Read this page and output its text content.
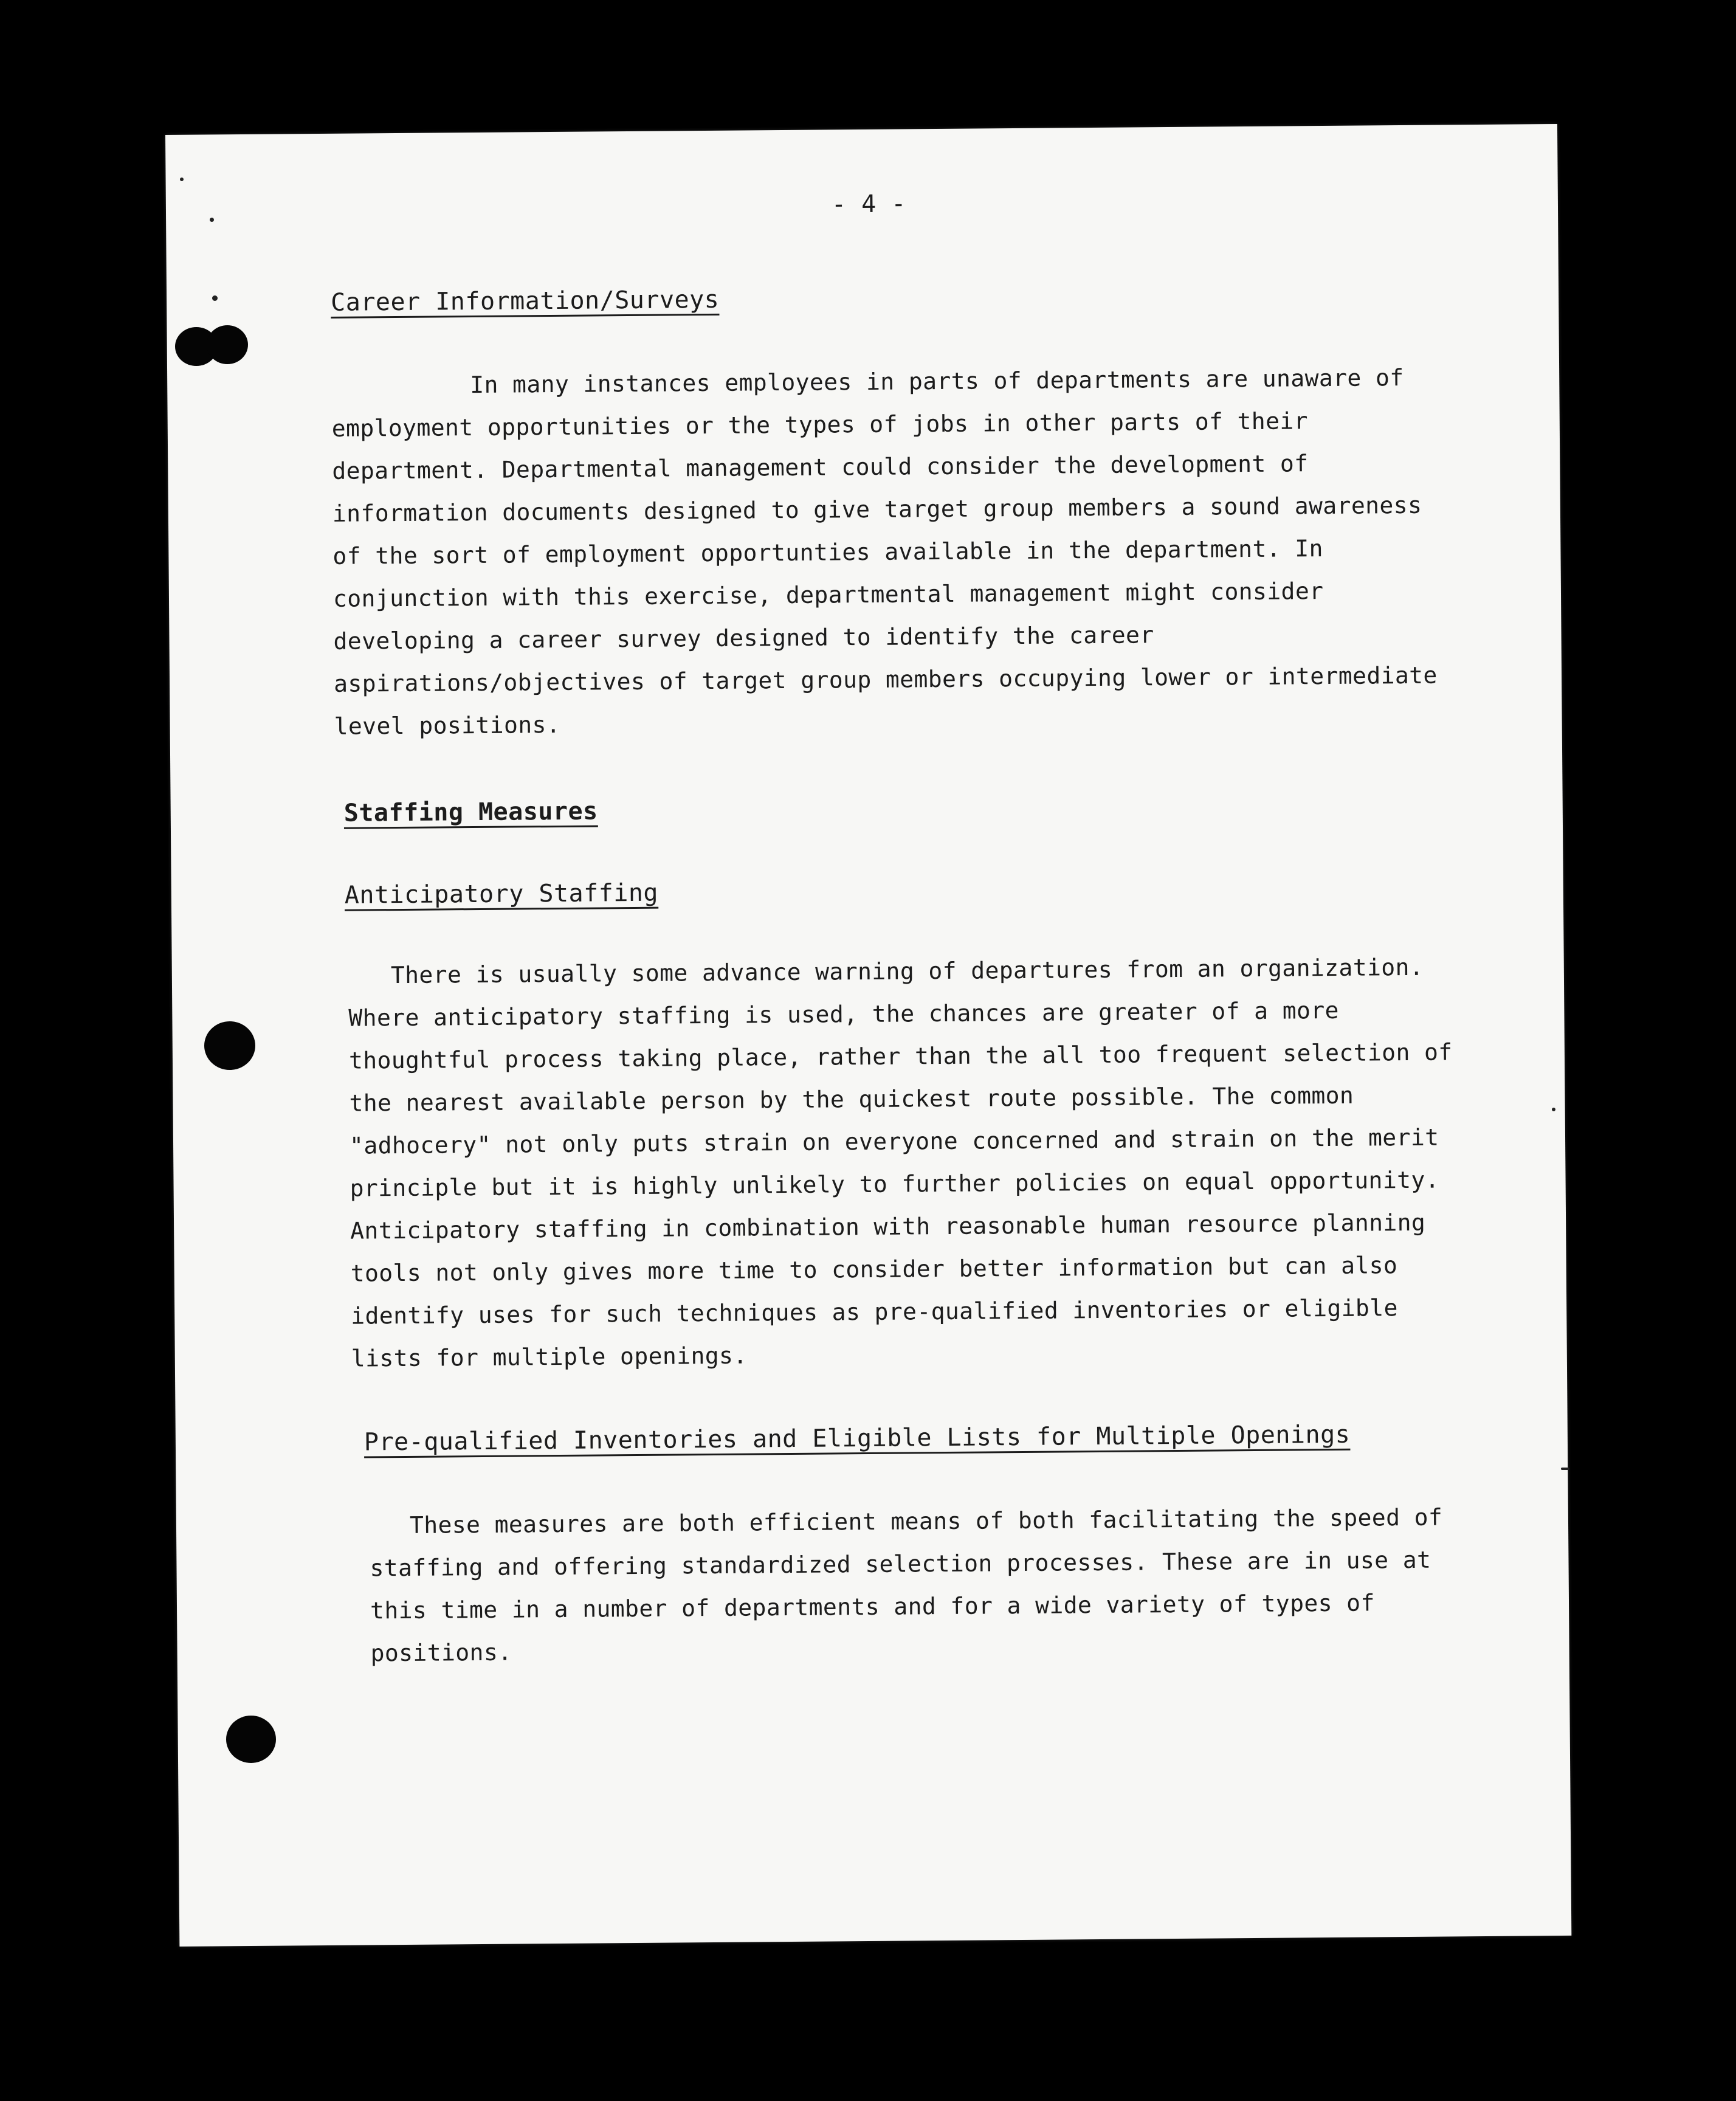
- 4 -
Career Information/Surveys
In many instances employees in parts of departments are unaware of
employment opportunities or the types of jobs in other parts of their
department. Departmental management could consider the development of
information documents designed to give target group members a sound awareness
of the sort of employment opportunties available in the department. In
conjunction with this exercise, departmental management might consider
developing a career survey designed to identify the career
aspirations/objectives of target group members occupying lower or intermediate
level positions.
Staffing Measures
Anticipatory Staffing
There is usually some advance warning of departures from an organization.
Where anticipatory staffing is used, the chances are greater of a more
thoughtful process taking place, rather than the all too frequent selection of
the nearest available person by the quickest route possible. The common
"adhocery" not only puts strain on everyone concerned and strain on the merit
principle but it is highly unlikely to further policies on equal opportunity.
Anticipatory staffing in combination with reasonable human resource planning
tools not only gives more time to consider better information but can also
identify uses for such techniques as pre-qualified inventories or eligible
lists for multiple openings.
Pre-qualified Inventories and Eligible Lists for Multiple Openings
These measures are both efficient means of both facilitating the speed of
staffing and offering standardized selection processes. These are in use at
this time in a number of departments and for a wide variety of types of
positions.
